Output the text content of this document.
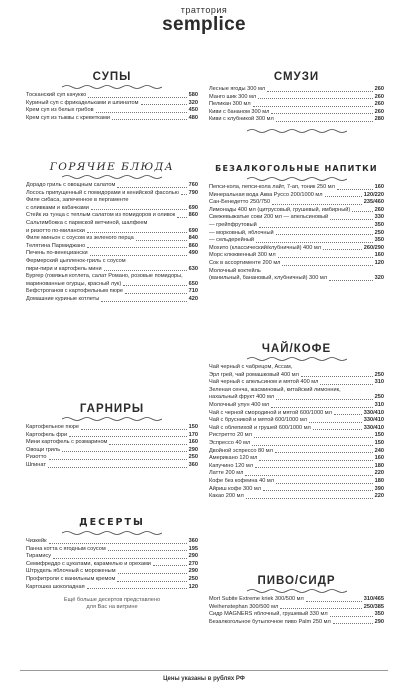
траттория
semplice
СУПЫ
Тосканский суп качукко	580
Куриный суп с фрикадельками и шпинатом	320
Крем суп из белых грибов	450
Крем суп из тыквы с креветками	480
ГОРЯЧИЕ БЛЮДА
Дорадо гриль с овощным салатом	760
Лосось припущенный с помидорами и кенийской фасолью 790
Филе сибаса, запеченное в пергаменте
с оливками и кабачками	690
Стейк из тунца с теплым салатом из помидоров и оливок 860
Сальтимбокка с пармской ветчиной, шалфеем
и ризотто по-милански	690
Филе миньон с соусом из зеленого перца	840
Телятина Пармиджано	860
Печень по-венециански	490
Фермерский цыпленок-гриль с соусом
пири-пири и картофель мини	630
Бургер (говяжья котлета, салат Романо, розовые помидоры,
маринованные огурцы, красный лук)	650
Бефстроганов с картофельным пюре	710
Домашние куриные котлеты	420
ГАРНИРЫ
Картофельное пюре	150
Картофель фри	170
Мини картофель с розмарином	160
Овощи гриль	290
Ризотто	250
Шпинат	360
ДЕСЕРТЫ
Чизкейк	360
Панна котта с ягодным соусом	195
Тирамису	290
Семифреддо с цукатами, карамелью и орехами	270
Штрудель яблочный с мороженым	290
Профитроли с ванильным кремом	250
Картошка шоколадная	120
Ещё больше десертов представлено
для Вас на витрине
СМУЗИ
Лесные ягоды 300 мл	260
Манго шик 300 мл	260
Пеликан 300 мл	260
Киви с бананом 300 мл	260
Киви с клубникой 300 мл	280
БЕЗАЛКОГОЛЬНЫЕ НАПИТКИ
Пепси-кола, пепси-кола лайт, 7-ап, тоник 250 мл	160
Минеральная вода Аква Руссо 200/1000 мл	120/220
Сан-Бенедетто 250/750	235/460
Лимонады 400 мл (цитрусовый, грушевый, имбирный)	260
Свежевыжатые соки 200 мл — апельсиновый	330
— грейпфрутовый	350
— морковный, яблочный	250
— сельдерейный	350
Мохито (классический/клубничный) 400 мл	260/290
Морс клюквенный 300 мл	160
Сок в ассортименте 200 мл	120
Молочный коктейль
(ванильный, банановый, клубничный) 300 мл	320
ЧАЙ/КОФЕ
Чай черный с чабрецом, Ассам,
Эрл грей, чай ромашковый 400 мл	250
Чай черный с апельсином и мятой 400 мл	310
Зеленая сенча, жасминовый, китайский лимонник,
нахальный фрукт 400 мл	250
Молочный улун 400 мл	310
Чай с черной смородиной и мятой 600/1000 мл	330/410
Чай с брусникой и мятой 600/1000 мл	330/410
Чай с облепихой и грушей 600/1000 мл	330/410
Ристретто 20 мл	150
Эспрессо 40 мл	150
Двойной эспрессо 80 мл	240
Американо 120 мл	160
Капучино 120 мл	180
Латте 200 мл	220
Кофе без кофеина 40 мл	180
Айриш кофе 300 мл	390
Какао 200 мл	220
ПИВО/СИДР
Mort Subite Extreme kriek 300/500 мл	310/465
Weihenstephan 300/500 мл	250/385
Сидр MAGNERS яблочный, грушевый 330 мл	350
Безалкогольное бутылочное пиво Palm 250 мл	290
Цены указаны в рублях РФ
